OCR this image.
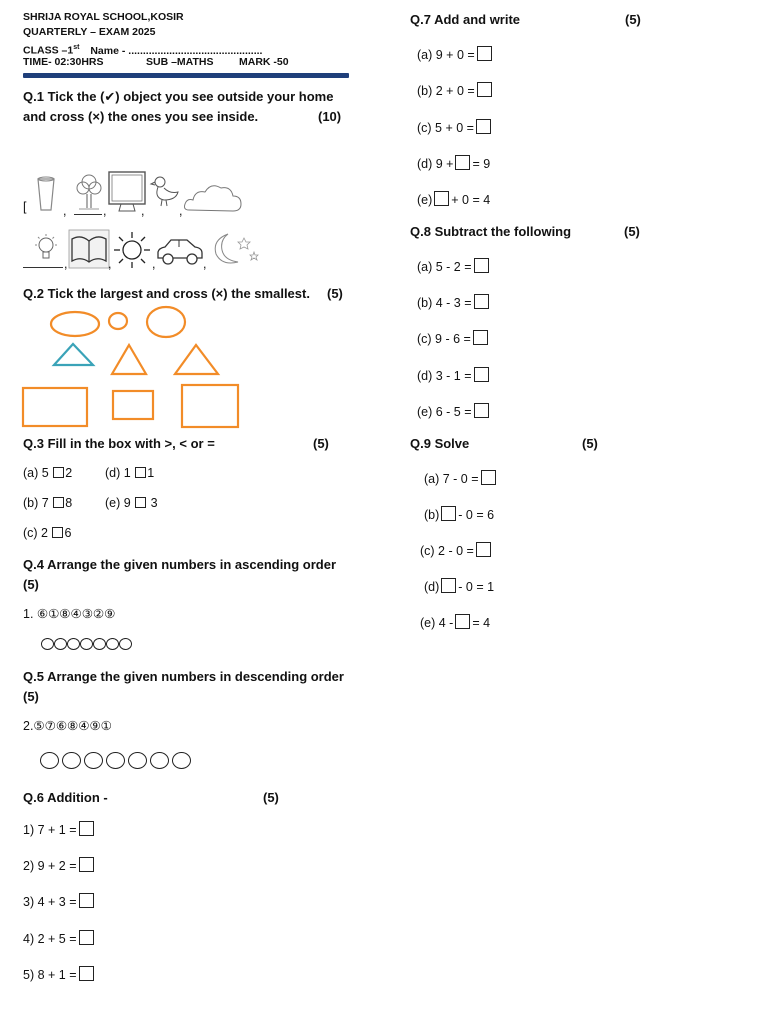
SHRIJA ROYAL SCHOOL,KOSIR
QUARTERLY – EXAM 2025
CLASS –1st Name - ..............................................
TIME- 02:30HRS	SUB –MATHS MARK -50
Q.1 Tick the (✔) object you see outside your home
and cross (×) the ones you see inside.	(10)
[	,	,	,	,
,	,	,	,
Q.2 Tick the largest and cross (×) the smallest. (5)
Q.3 Fill in the box with >, < or =	(5)
(a) 5 2	(d) 1 1
(b) 7 8	(e) 9  3
(c) 2 6
Q.4 Arrange the given numbers in ascending order
(5)
1. ⑥①⑧④③②⑨
Q.5 Arrange the given numbers in descending order
(5)
2.⑤⑦⑥⑧④⑨①
Q.6 Addition -	(5)
1) 7 + 1 =
2) 9 + 2 =
3) 4 + 3 =
4) 2 + 5 =
5) 8 + 1 =
Q.7 Add and write	(5)
(a) 9 + 0 =
(b) 2 + 0 =
(c) 5 + 0 =
(d) 9 + = 9
(e) + 0 = 4
Q.8 Subtract the following	(5)
(a) 5 - 2 =
(b) 4 - 3 =
(c) 9 - 6 =
(d) 3 - 1 =
(e) 6 - 5 =
Q.9 Solve	(5)
(a) 7 - 0 =
(b) - 0 = 6
(c) 2 - 0 =
(d) - 0 = 1
(e) 4 - = 4
